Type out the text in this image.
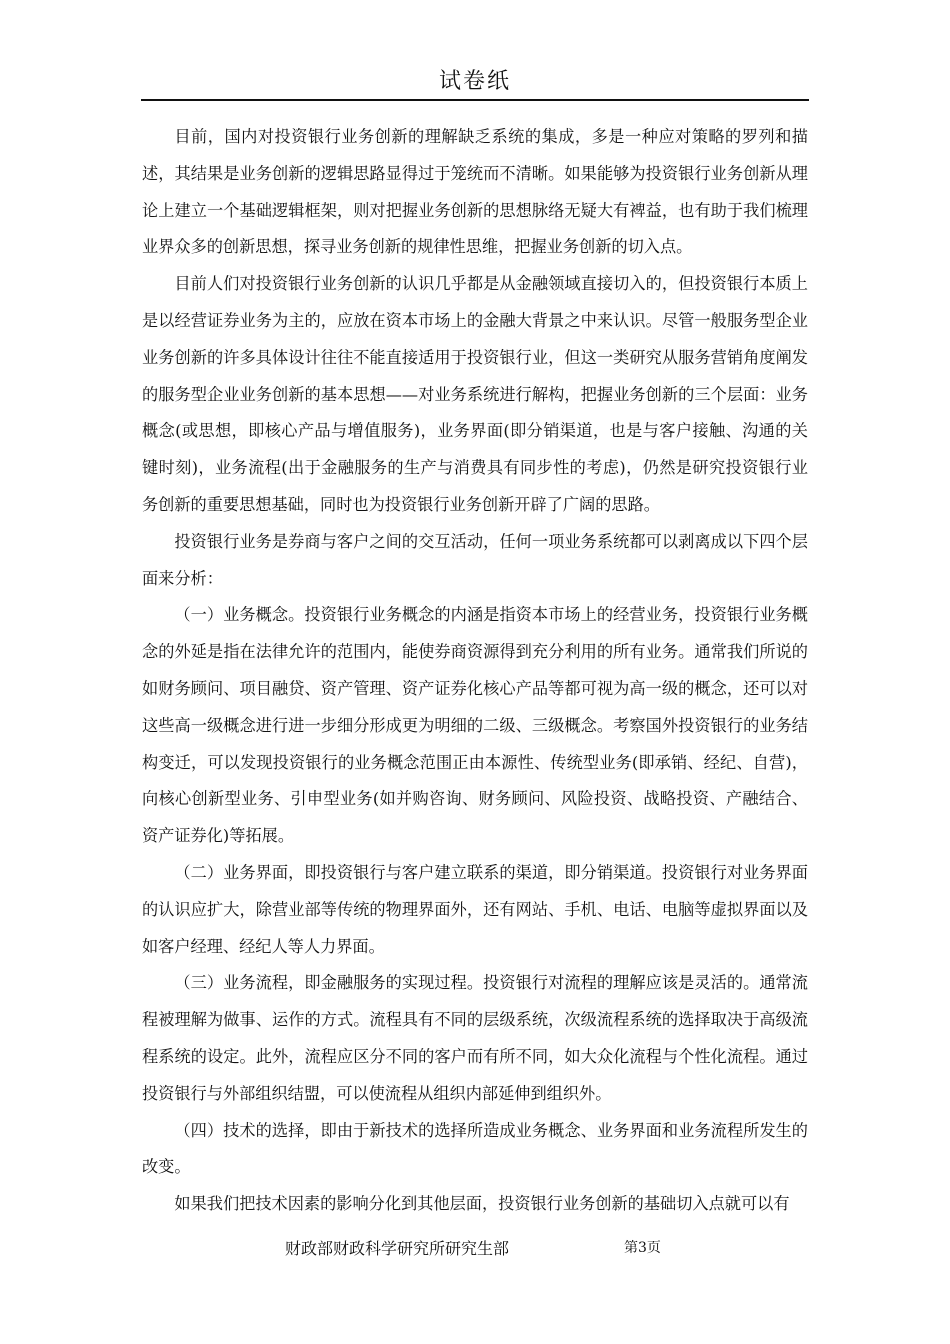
试卷纸

目前，国内对投资银行业务创新的理解缺乏系统的集成，多是一种应对策略的罗列和描述，其结果是业务创新的逻辑思路显得过于笼统而不清晰。如果能够为投资银行业务创新从理论上建立一个基础逻辑框架，则对把握业务创新的思想脉络无疑大有裨益，也有助于我们梳理业界众多的创新思想，探寻业务创新的规律性思维，把握业务创新的切入点。

目前人们对投资银行业务创新的认识几乎都是从金融领域直接切入的，但投资银行本质上是以经营证券业务为主的，应放在资本市场上的金融大背景之中来认识。尽管一般服务型企业业务创新的许多具体设计往往不能直接适用于投资银行业，但这一类研究从服务营销角度阐发的服务型企业业务创新的基本思想——对业务系统进行解构，把握业务创新的三个层面：业务概念(或思想，即核心产品与增值服务)，业务界面(即分销渠道，也是与客户接触、沟通的关键时刻)，业务流程(出于金融服务的生产与消费具有同步性的考虑)，仍然是研究投资银行业务创新的重要思想基础，同时也为投资银行业务创新开辟了广阔的思路。

投资银行业务是券商与客户之间的交互活动，任何一项业务系统都可以剥离成以下四个层面来分析：

（一）业务概念。投资银行业务概念的内涵是指资本市场上的经营业务，投资银行业务概念的外延是指在法律允许的范围内，能使券商资源得到充分利用的所有业务。通常我们所说的如财务顾问、项目融贷、资产管理、资产证券化核心产品等都可视为高一级的概念，还可以对这些高一级概念进行进一步细分形成更为明细的二级、三级概念。考察国外投资银行的业务结构变迁，可以发现投资银行的业务概念范围正由本源性、传统型业务(即承销、经纪、自营)，向核心创新型业务、引申型业务(如并购咨询、财务顾问、风险投资、战略投资、产融结合、资产证券化)等拓展。

（二）业务界面，即投资银行与客户建立联系的渠道，即分销渠道。投资银行对业务界面的认识应扩大，除营业部等传统的物理界面外，还有网站、手机、电话、电脑等虚拟界面以及如客户经理、经纪人等人力界面。

（三）业务流程，即金融服务的实现过程。投资银行对流程的理解应该是灵活的。通常流程被理解为做事、运作的方式。流程具有不同的层级系统，次级流程系统的选择取决于高级流程系统的设定。此外，流程应区分不同的客户而有所不同，如大众化流程与个性化流程。通过投资银行与外部组织结盟，可以使流程从组织内部延伸到组织外。

（四）技术的选择，即由于新技术的选择所造成业务概念、业务界面和业务流程所发生的改变。

如果我们把技术因素的影响分化到其他层面，投资银行业务创新的基础切入点就可以有

财政部财政科学研究所研究生部	第3页
